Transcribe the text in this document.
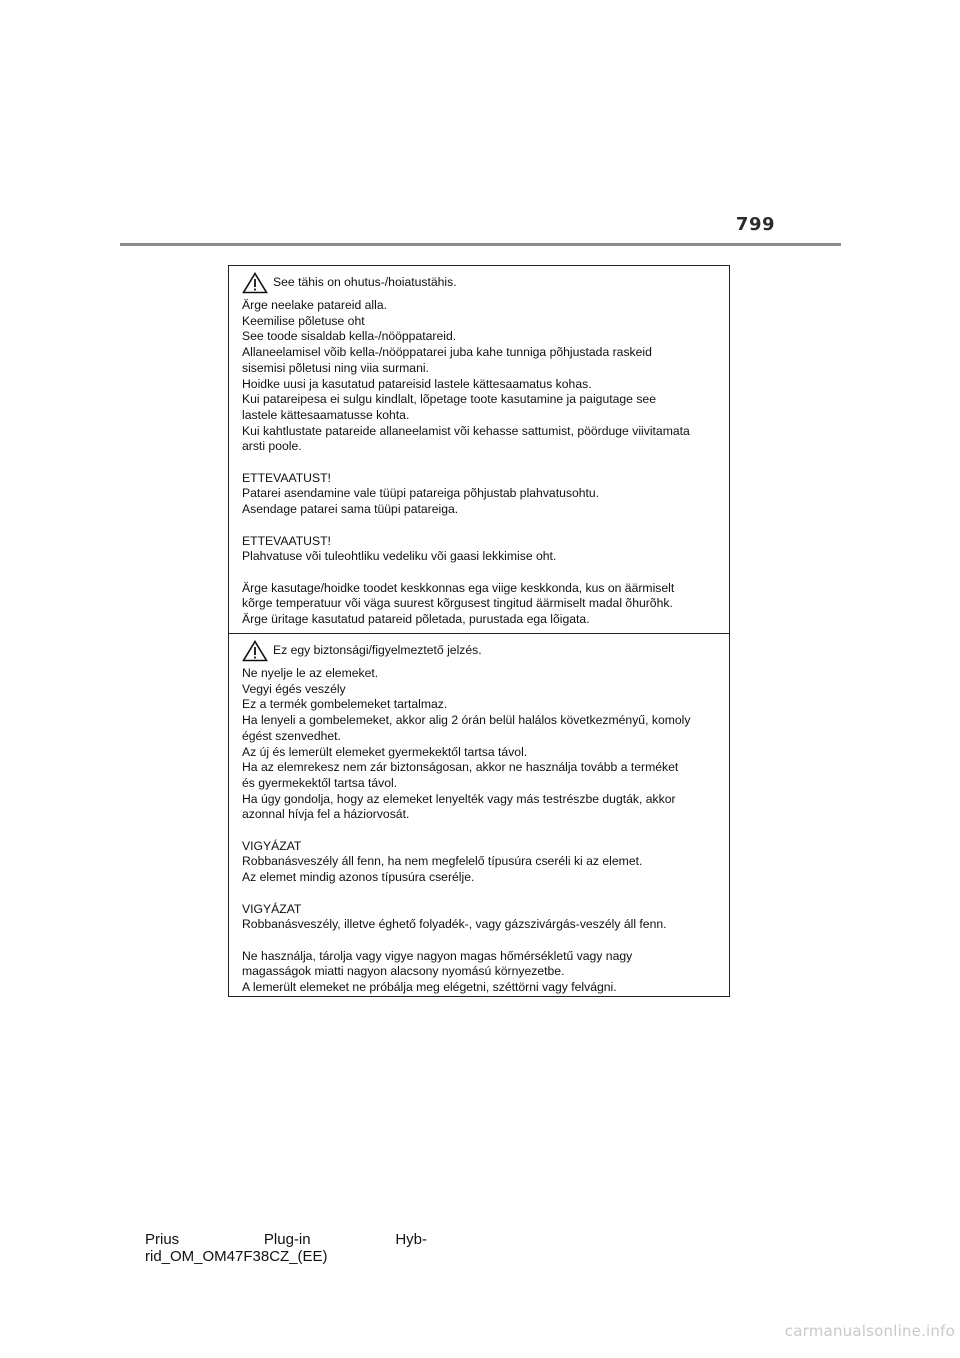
799
See tähis on ohutus-/hoiatustähis.
Ärge neelake patareid alla.
Keemilise põletuse oht
See toode sisaldab kella-/nööppatareid.
Allaneelamisel võib kella-/nööppatarei juba kahe tunniga põhjustada raskeid
sisemisi põletusi ning viia surmani.
Hoidke uusi ja kasutatud patareisid lastele kättesaamatus kohas.
Kui patareipesa ei sulgu kindlalt, lõpetage toote kasutamine ja paigutage see
lastele kättesaamatusse kohta.
Kui kahtlustate patareide allaneelamist või kehasse sattumist, pöörduge viivitamata
arsti poole.
ETTEVAATUST!
Patarei asendamine vale tüüpi patareiga põhjustab plahvatusohtu.
Asendage patarei sama tüüpi patareiga.
ETTEVAATUST!
Plahvatuse või tuleohtliku vedeliku või gaasi lekkimise oht.
Ärge kasutage/hoidke toodet keskkonnas ega viige keskkonda, kus on äärmiselt
kõrge temperatuur või väga suurest kõrgusest tingitud äärmiselt madal õhurõhk.
Ärge üritage kasutatud patareid põletada, purustada ega lõigata.
Ez egy biztonsági/figyelmeztető jelzés.
Ne nyelje le az elemeket.
Vegyi égés veszély
Ez a termék gombelemeket tartalmaz.
Ha lenyeli a gombelemeket, akkor alig 2 órán belül halálos következményű, komoly
égést szenvedhet.
Az új és lemerült elemeket gyermekektől tartsa távol.
Ha az elemrekesz nem zár biztonságosan, akkor ne használja tovább a terméket
és gyermekektől tartsa távol.
Ha úgy gondolja, hogy az elemeket lenyelték vagy más testrészbe dugták, akkor
azonnal hívja fel a háziorvosát.
VIGYÁZAT
Robbanásveszély áll fenn, ha nem megfelelő típusúra cseréli ki az elemet.
Az elemet mindig azonos típusúra cserélje.
VIGYÁZAT
Robbanásveszély, illetve éghető folyadék-, vagy gázszivárgás-veszély áll fenn.
Ne használja, tárolja vagy vigye nagyon magas hőmérsékletű vagy nagy
magasságok miatti nagyon alacsony nyomású környezetbe.
A lemerült elemeket ne próbálja meg elégetni, széttörni vagy felvágni.
Prius	Plug-in	Hyb-
rid_OM_OM47F38CZ_(EE)
carmanualsonline.info
